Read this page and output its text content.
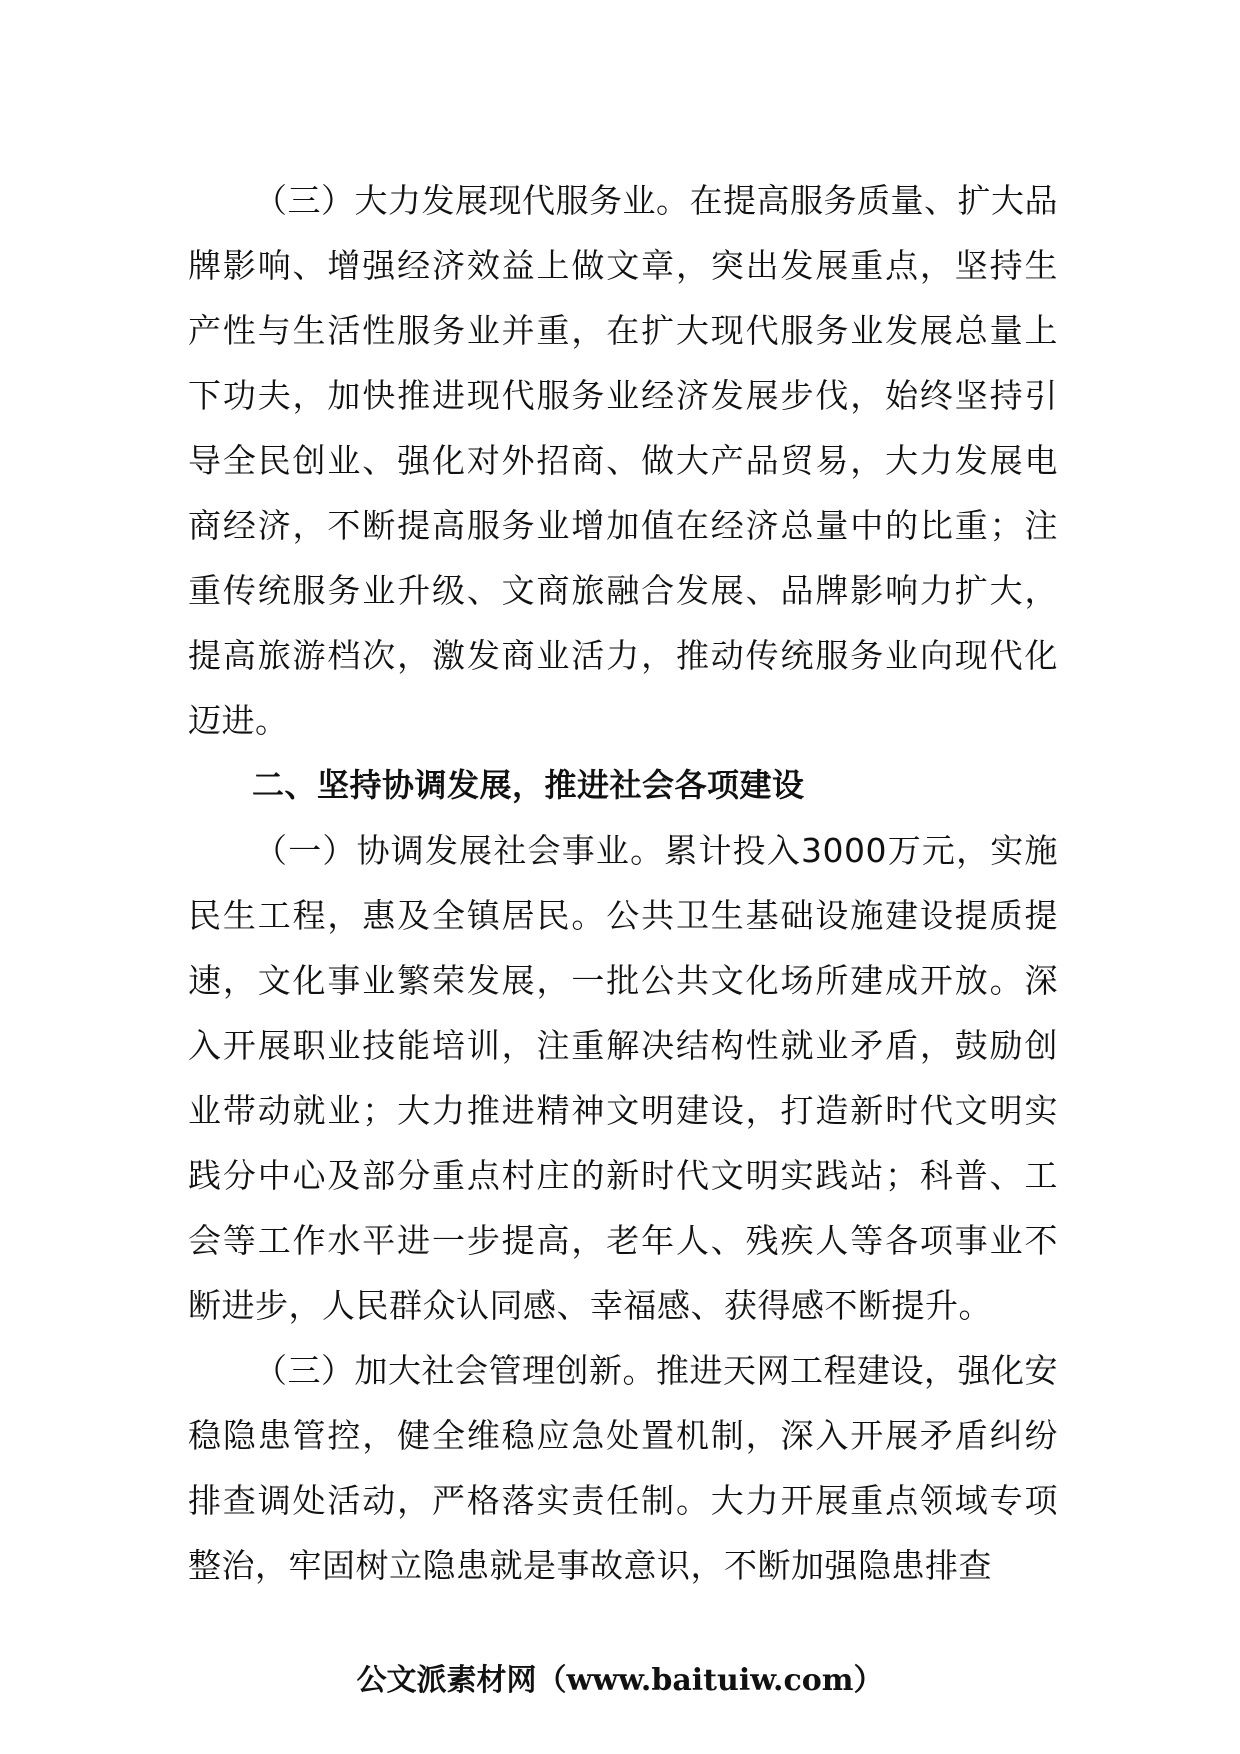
（三）大力发展现代服务业。在提高服务质量、扩大品牌影响、增强经济效益上做文章，突出发展重点，坚持生产性与生活性服务业并重，在扩大现代服务业发展总量上下功夫，加快推进现代服务业经济发展步伐，始终坚持引导全民创业、强化对外招商、做大产品贸易，大力发展电商经济，不断提高服务业增加值在经济总量中的比重；注重传统服务业升级、文商旅融合发展、品牌影响力扩大，提高旅游档次，激发商业活力，推动传统服务业向现代化迈进。

二、坚持协调发展，推进社会各项建设

（一）协调发展社会事业。累计投入3000万元，实施民生工程，惠及全镇居民。公共卫生基础设施建设提质提速，文化事业繁荣发展，一批公共文化场所建成开放。深入开展职业技能培训，注重解决结构性就业矛盾，鼓励创业带动就业；大力推进精神文明建设，打造新时代文明实践分中心及部分重点村庄的新时代文明实践站；科普、工会等工作水平进一步提高，老年人、残疾人等各项事业不断进步，人民群众认同感、幸福感、获得感不断提升。

（三）加大社会管理创新。推进天网工程建设，强化安稳隐患管控，健全维稳应急处置机制，深入开展矛盾纠纷排查调处活动，严格落实责任制。大力开展重点领域专项整治，牢固树立隐患就是事故意识，不断加强隐患排查

公文派素材网（www.baituiw.com）
